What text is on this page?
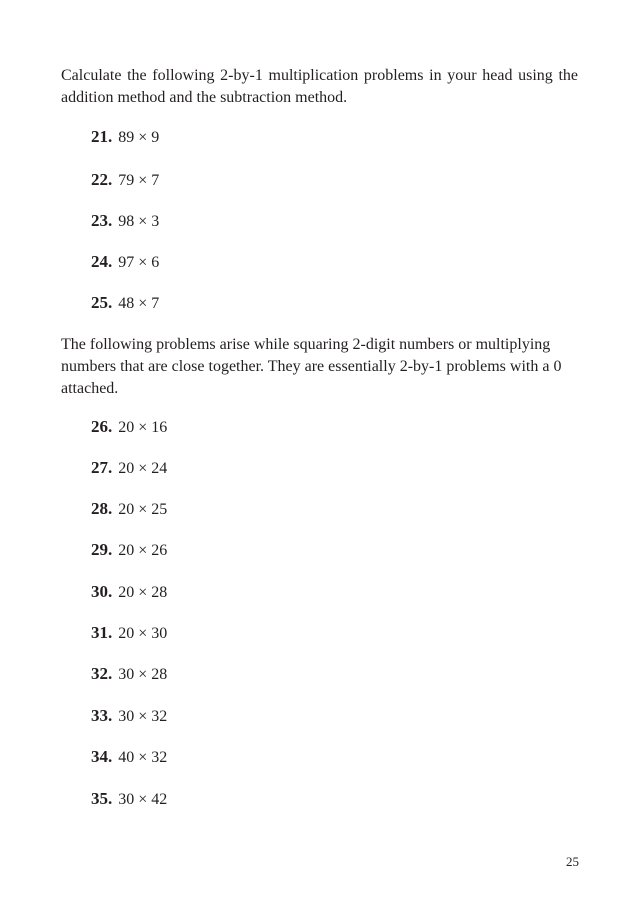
Calculate the following 2-by-1 multiplication problems in your head using the addition method and the subtraction method.

21. 89 × 9
22. 79 × 7
23. 98 × 3
24. 97 × 6
25. 48 × 7

The following problems arise while squaring 2-digit numbers or multiplying numbers that are close together. They are essentially 2-by-1 problems with a 0 attached.

26. 20 × 16
27. 20 × 24
28. 20 × 25
29. 20 × 26
30. 20 × 28
31. 20 × 30
32. 30 × 28
33. 30 × 32
34. 40 × 32
35. 30 × 42
25
